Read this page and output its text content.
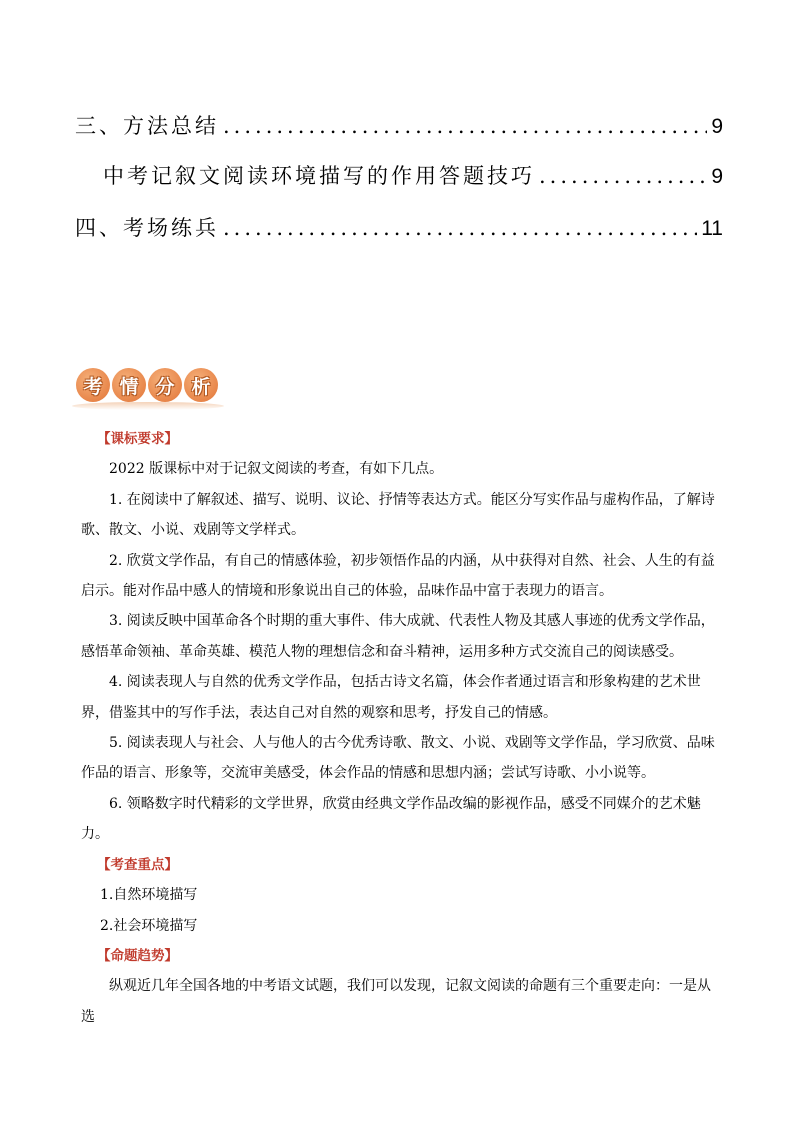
三、方法总结 .....	9
中考记叙文阅读环境描写的作用答题技巧 .....	9
四、考场练兵 .....	11
考 情 分 析

【课标要求】

2022 版课标中对于记叙文阅读的考查，有如下几点。

1. 在阅读中了解叙述、描写、说明、议论、抒情等表达方式。能区分写实作品与虚构作品，了解诗歌、散文、小说、戏剧等文学样式。

2. 欣赏文学作品，有自己的情感体验，初步领悟作品的内涵，从中获得对自然、社会、人生的有益启示。能对作品中感人的情境和形象说出自己的体验，品味作品中富于表现力的语言。

3. 阅读反映中国革命各个时期的重大事件、伟大成就、代表性人物及其感人事迹的优秀文学作品，感悟革命领袖、革命英雄、模范人物的理想信念和奋斗精神，运用多种方式交流自己的阅读感受。

4. 阅读表现人与自然的优秀文学作品，包括古诗文名篇，体会作者通过语言和形象构建的艺术世界，借鉴其中的写作手法，表达自己对自然的观察和思考，抒发自己的情感。

5. 阅读表现人与社会、人与他人的古今优秀诗歌、散文、小说、戏剧等文学作品，学习欣赏、品味作品的语言、形象等，交流审美感受，体会作品的情感和思想内涵；尝试写诗歌、小小说等。

6. 领略数字时代精彩的文学世界，欣赏由经典文学作品改编的影视作品，感受不同媒介的艺术魅力。

【考查重点】

1.自然环境描写

2.社会环境描写

【命题趋势】

纵观近几年全国各地的中考语文试题，我们可以发现，记叙文阅读的命题有三个重要走向：一是从选
